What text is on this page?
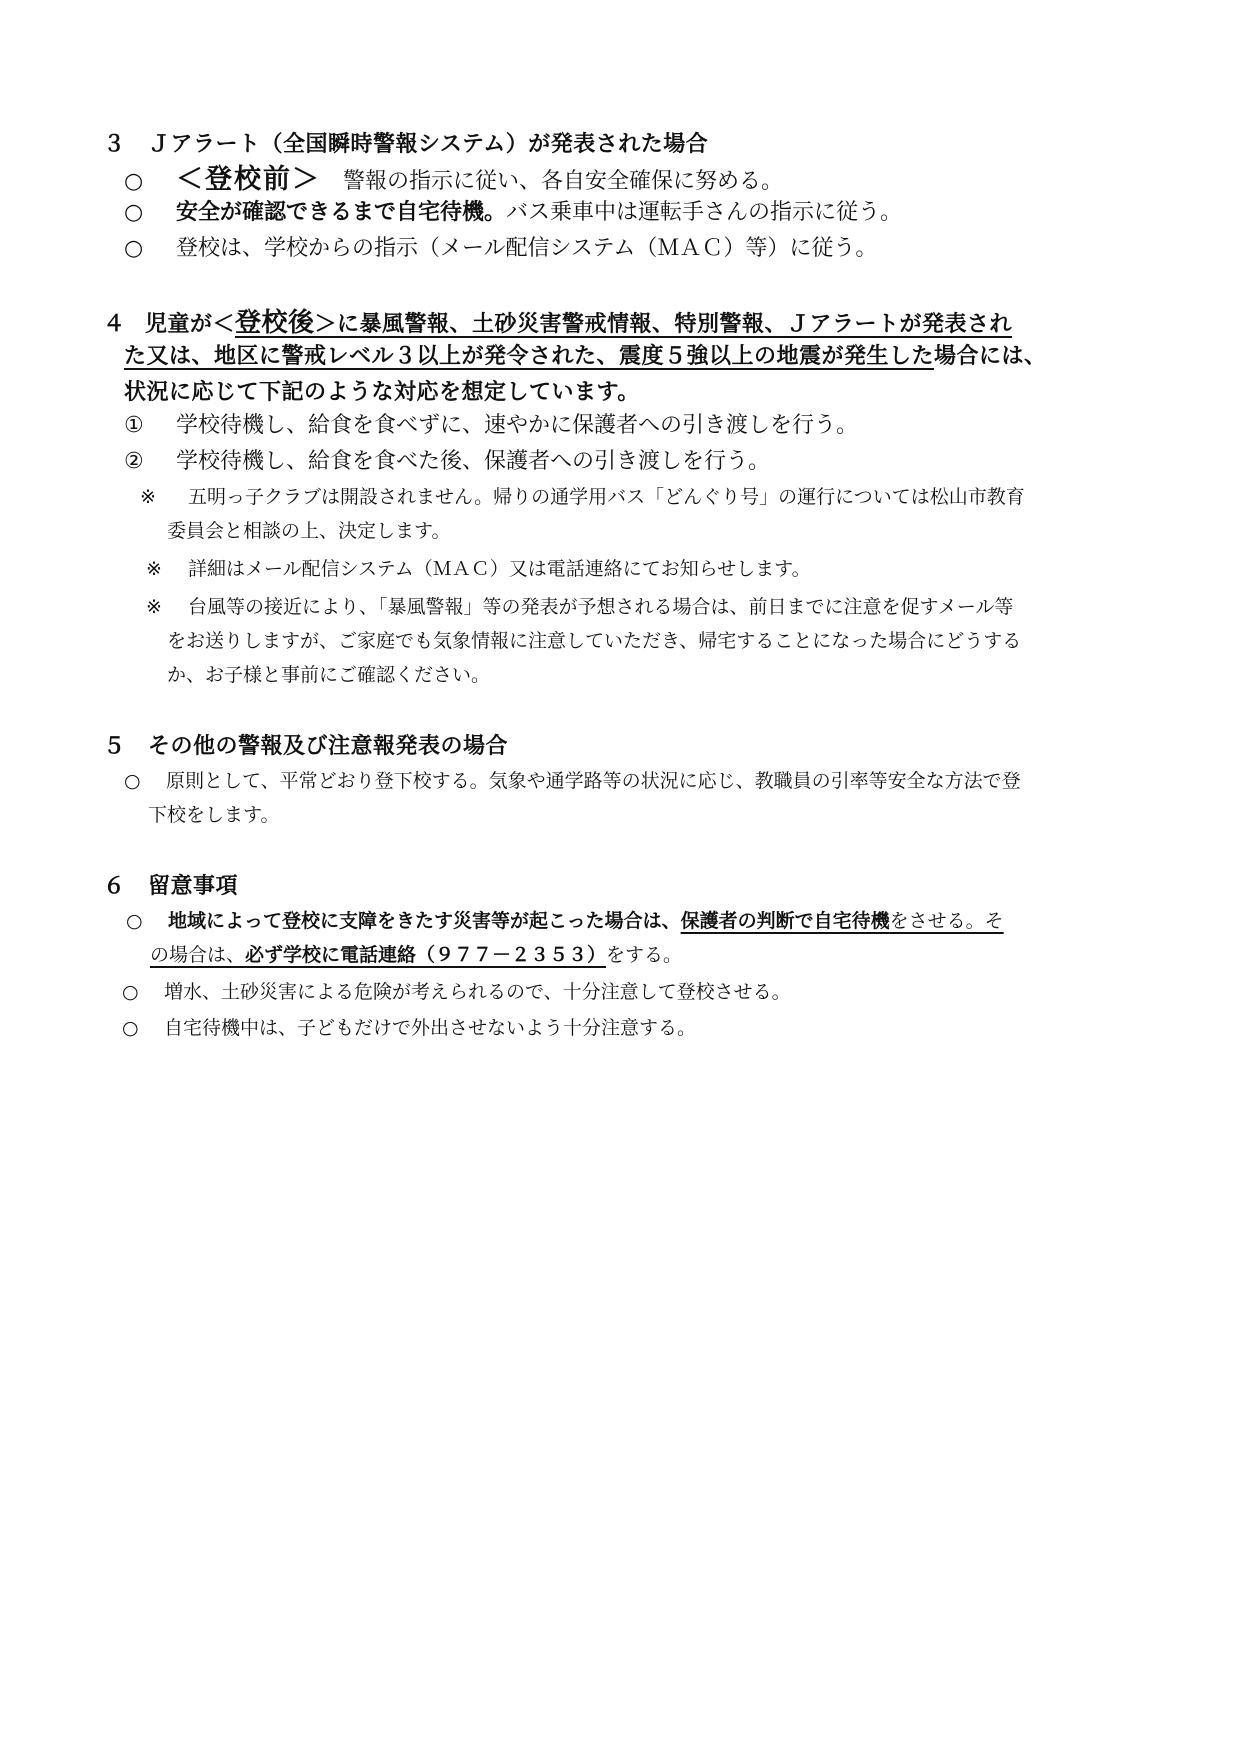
３　Ｊアラート（全国瞬時警報システム）が発表された場合
○ ＜登校前＞　警報の指示に従い、各自安全確保に努める。
○ 安全が確認できるまで自宅待機。バス乗車中は運転手さんの指示に従う。
○ 登校は、学校からの指示（メール配信システム（ＭＡＣ）等）に従う。
４ 児童が＜登校後＞に暴風警報、土砂災害警戒情報、特別警報、Ｊアラートが発表され
た又は、地区に警戒レベル３以上が発令された、震度５強以上の地震が発生した場合には、
状況に応じて下記のような対応を想定しています。
① 学校待機し、給食を食べずに、速やかに保護者への引き渡しを行う。
② 学校待機し、給食を食べた後、保護者への引き渡しを行う。
※ 五明っ子クラブは開設されません。帰りの通学用バス「どんぐり号」の運行については松山市教育
委員会と相談の上、決定します。
※ 詳細はメール配信システム（ＭＡＣ）又は電話連絡にてお知らせします。
※ 台風等の接近により、「暴風警報」等の発表が予想される場合は、前日までに注意を促すメール等
をお送りしますが、ご家庭でも気象情報に注意していただき、帰宅することになった場合にどうする
か、お子様と事前にご確認ください。
５　その他の警報及び注意報発表の場合
○ 原則として、平常どおり登下校する。気象や通学路等の状況に応じ、教職員の引率等安全な方法で登
下校をします。
６　留意事項
○ 地域によって登校に支障をきたす災害等が起こった場合は、保護者の判断で自宅待機をさせる。そ
の場合は、必ず学校に電話連絡（９７７－２３５３）をする。
○ 増水、土砂災害による危険が考えられるので、十分注意して登校させる。
○ 自宅待機中は、子どもだけで外出させないよう十分注意する。
